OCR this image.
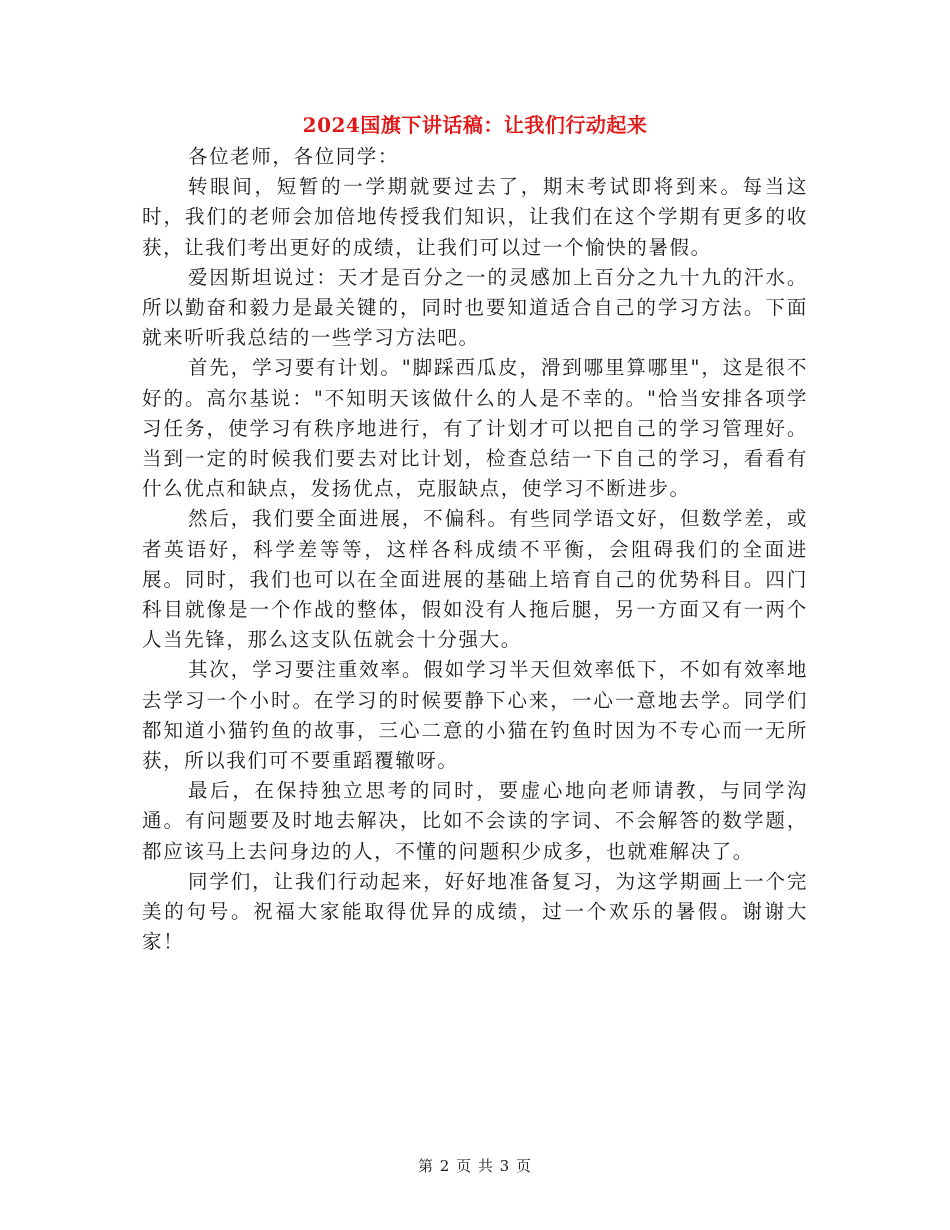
2024国旗下讲话稿：让我们行动起来

各位老师，各位同学：

转眼间，短暂的一学期就要过去了，期末考试即将到来。每当这时，我们的老师会加倍地传授我们知识，让我们在这个学期有更多的收获，让我们考出更好的成绩，让我们可以过一个愉快的暑假。

爱因斯坦说过：天才是百分之一的灵感加上百分之九十九的汗水。所以勤奋和毅力是最关键的，同时也要知道适合自己的学习方法。下面就来听听我总结的一些学习方法吧。

首先，学习要有计划。"脚踩西瓜皮，滑到哪里算哪里"，这是很不好的。高尔基说："不知明天该做什么的人是不幸的。"恰当安排各项学习任务，使学习有秩序地进行，有了计划才可以把自己的学习管理好。当到一定的时候我们要去对比计划，检查总结一下自己的学习，看看有什么优点和缺点，发扬优点，克服缺点，使学习不断进步。

然后，我们要全面进展，不偏科。有些同学语文好，但数学差，或者英语好，科学差等等，这样各科成绩不平衡，会阻碍我们的全面进展。同时，我们也可以在全面进展的基础上培育自己的优势科目。四门科目就像是一个作战的整体，假如没有人拖后腿，另一方面又有一两个人当先锋，那么这支队伍就会十分强大。

其次，学习要注重效率。假如学习半天但效率低下，不如有效率地去学习一个小时。在学习的时候要静下心来，一心一意地去学。同学们都知道小猫钓鱼的故事，三心二意的小猫在钓鱼时因为不专心而一无所获，所以我们可不要重蹈覆辙呀。

最后，在保持独立思考的同时，要虚心地向老师请教，与同学沟通。有问题要及时地去解决，比如不会读的字词、不会解答的数学题，都应该马上去问身边的人，不懂的问题积少成多，也就难解决了。

同学们，让我们行动起来，好好地准备复习，为这学期画上一个完美的句号。祝福大家能取得优异的成绩，过一个欢乐的暑假。谢谢大家！

第 2 页 共 3 页
